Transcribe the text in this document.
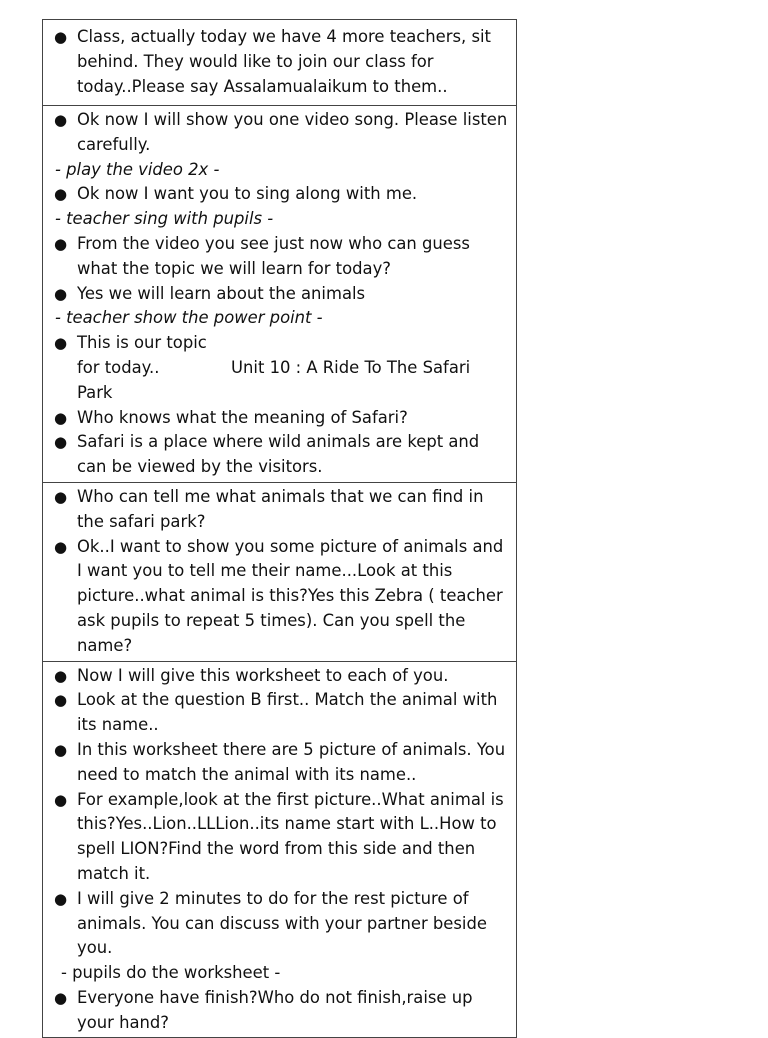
● Class, actually today we have 4 more teachers, sit behind. They would like to join our class for today..Please say Assalamualaikum to them..

● Ok now I will show you one video song. Please listen carefully.
- play the video 2x -
● Ok now I want you to sing along with me.
- teacher sing with pupils -
● From the video you see just now who can guess what the topic we will learn for today?
● Yes we will learn about the animals
- teacher show the power point -
● This is our topic for today..	Unit 10 : A Ride To The Safari Park
● Who knows what the meaning of Safari?
● Safari is a place where wild animals are kept and can be viewed by the visitors.

● Who can tell me what animals that we can find in the safari park?
● Ok..I want to show you some picture of animals and I want you to tell me their name...Look at this picture..what animal is this?Yes this Zebra ( teacher ask pupils to repeat 5 times). Can you spell the name?

● Now I will give this worksheet to each of you.
● Look at the question B first.. Match the animal with its name..
● In this worksheet there are 5 picture of animals. You need to match the animal with its name..
● For example,look at the first picture..What animal is this?Yes..Lion..LLLion..its name start with L..How to spell LION?Find the word from this side and then match it.
● I will give 2 minutes to do for the rest picture of animals. You can discuss with your partner beside you.
- pupils do the worksheet -
● Everyone have finish?Who do not finish,raise up your hand?
